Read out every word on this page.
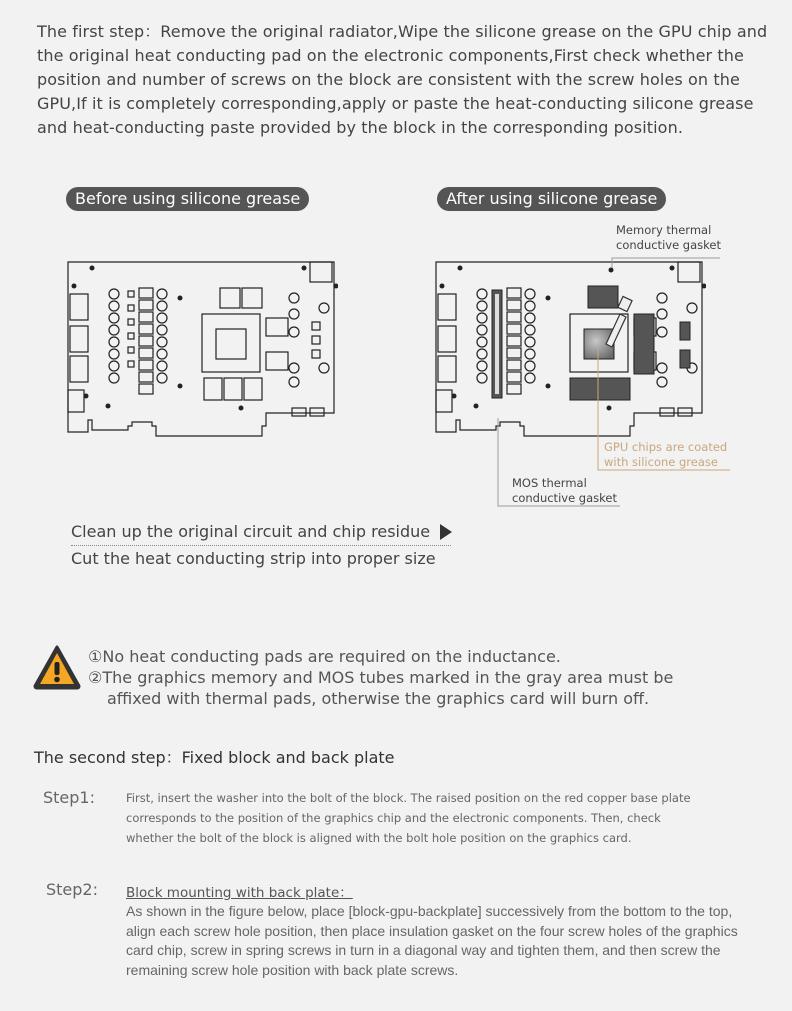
The first step：Remove the original radiator,Wipe the silicone grease on the GPU chip and the original heat conducting pad on the electronic components,First check whether the position and number of screws on the block are consistent with the screw holes on the GPU,If it is completely corresponding,apply or paste the heat-conducting silicone grease and heat-conducting paste provided by the block in the corresponding position.
Before using silicone grease	After using silicone grease
Memory thermal
conductive gasket
GPU chips are coated
with silicone grease
MOS thermal
conductive gasket
Clean up the original circuit and chip residue
Cut the heat conducting strip into proper size
①No heat conducting pads are required on the inductance.
②The graphics memory and MOS tubes marked in the gray area must be
affixed with thermal pads, otherwise the graphics card will burn off.
The second step：Fixed block and back plate
Step1:	First, insert the washer into the bolt of the block. The raised position on the red copper base plate
corresponds to the position of the graphics chip and the electronic components. Then, check
whether the bolt of the block is aligned with the bolt hole position on the graphics card.
Step2: Block mounting with back plate：
As shown in the figure below, place [block-gpu-backplate] successively from the bottom to the top, align each screw hole position, then place insulation gasket on the four screw holes of the graphics card chip, screw in spring screws in turn in a diagonal way and tighten them, and then screw the remaining screw hole position with back plate screws.
